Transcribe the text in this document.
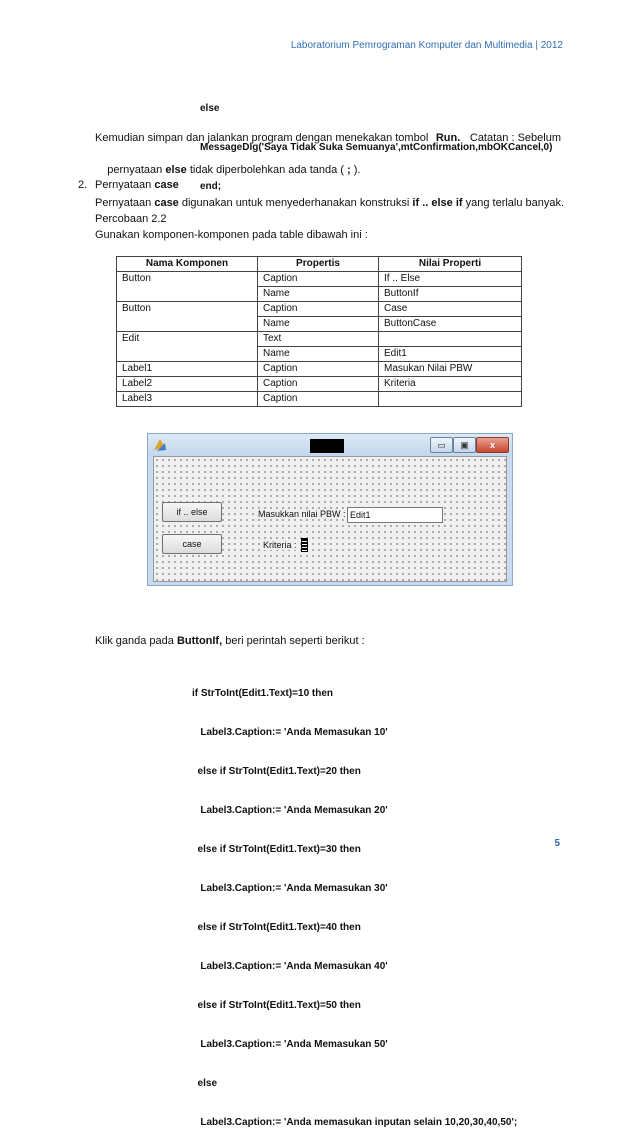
Laboratorium Pemrograman Komputer dan Multimedia | 2012

else

MessageDlg('Saya Tidak Suka Semuanya',mtConfirmation,mbOKCancel,0)

end;

Kemudian simpan dan jalankan program dengan menekakan tombol Run. Catatan : Sebelum

pernyataan else tidak diperbolehkan ada tanda ( ; ).

2. Pernyataan case
Pernyataan case digunakan untuk menyederhanakan konstruksi if .. else if yang terlalu banyak.
Percobaan 2.2
Gunakan komponen-komponen pada table dibawah ini :
Nama Komponen	Propertis	Nilai Properti
Button	Caption	If .. Else
	Name	ButtonIf
Button	Caption	Case
	Name	ButtonCase
Edit	Text	
	Name	Edit1
Label1	Caption	Masukan Nilai PBW
Label2	Caption	Kriteria
Label3	Caption	
▭	▣	x
if .. else
case
Masukkan nilai PBW : Edit1
Kriteria :
Klik ganda pada ButtonIf, beri perintah seperti berikut :

if StrToInt(Edit1.Text)=10 then

Label3.Caption:= 'Anda Memasukan 10'

else if StrToInt(Edit1.Text)=20 then

Label3.Caption:= 'Anda Memasukan 20'

else if StrToInt(Edit1.Text)=30 then

Label3.Caption:= 'Anda Memasukan 30'

else if StrToInt(Edit1.Text)=40 then

Label3.Caption:= 'Anda Memasukan 40'

else if StrToInt(Edit1.Text)=50 then

Label3.Caption:= 'Anda Memasukan 50'

else

Label3.Caption:= 'Anda memasukan inputan selain 10,20,30,40,50';

5
